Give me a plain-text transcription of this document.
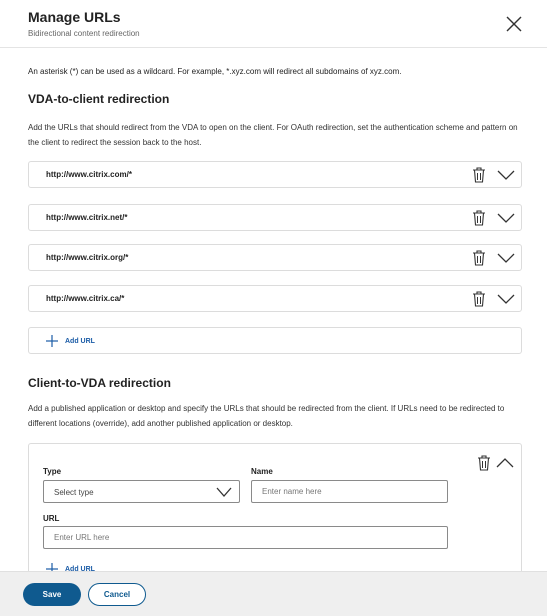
Manage URLs
Bidirectional content redirection
An asterisk (*) can be used as a wildcard. For example, *.xyz.com will redirect all subdomains of xyz.com.
VDA-to-client redirection
Add the URLs that should redirect from the VDA to open on the client. For OAuth redirection, set the authentication scheme and pattern on the client to redirect the session back to the host.
http://www.citrix.com/*
http://www.citrix.net/*
http://www.citrix.org/*
http://www.citrix.ca/*
Add URL
Client-to-VDA redirection
Add a published application or desktop and specify the URLs that should be redirected from the client. If URLs need to be redirected to different locations (override), add another published application or desktop.
Type
Select type
Name
Enter name here
URL
Enter URL here
Add URL
Save	Cancel
